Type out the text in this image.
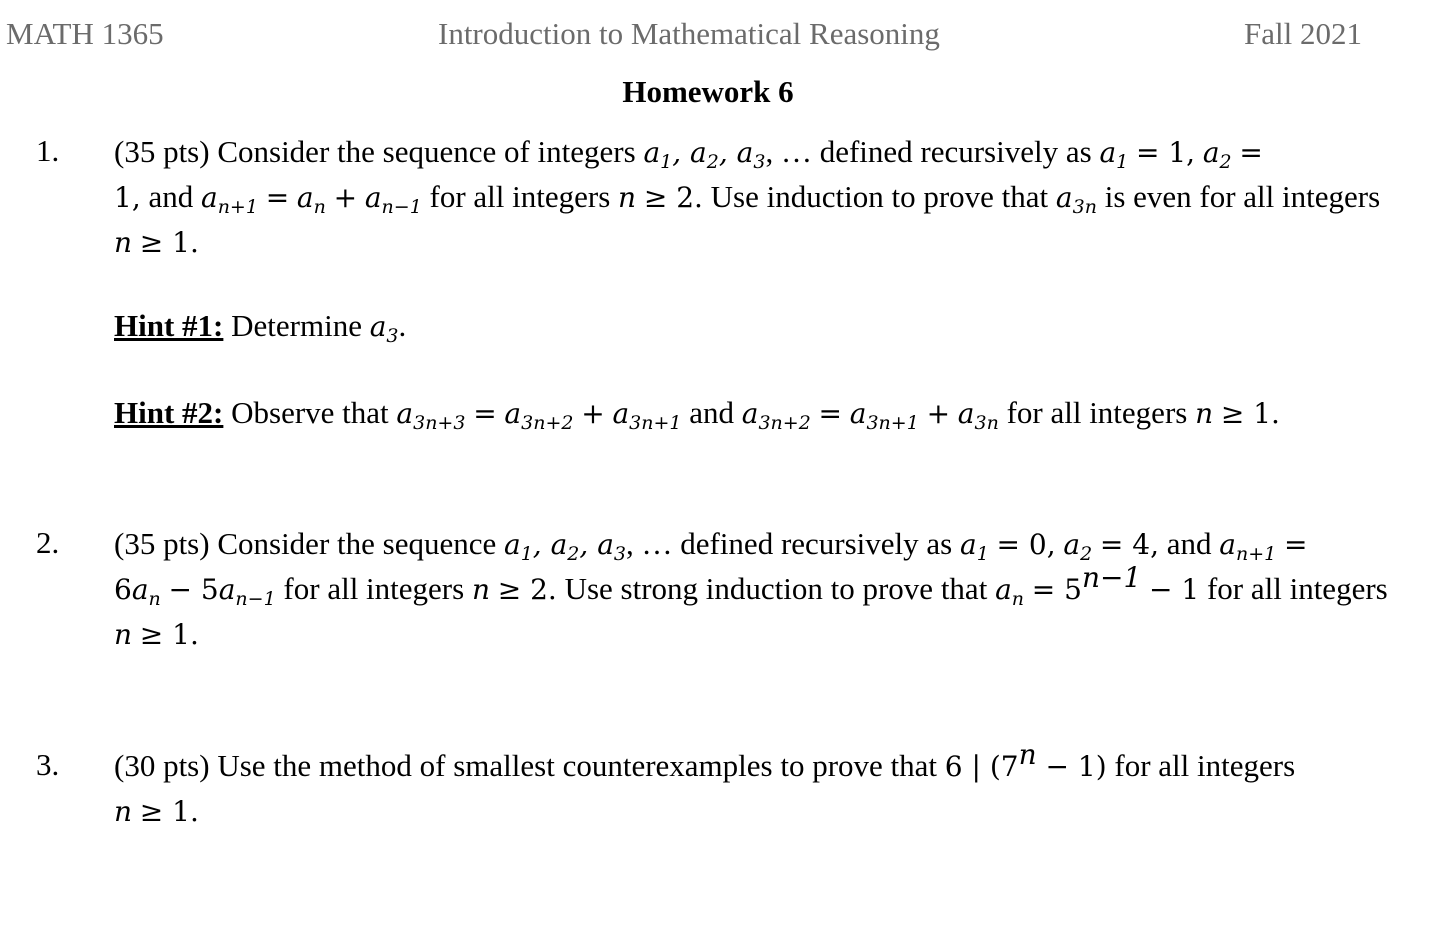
MATH 1365	Introduction to Mathematical Reasoning	Fall 2021
Homework 6
1. (35 pts) Consider the sequence of integers $a_1$, $a_2$, $a_3$, … defined recursively as $a_1 = 1$, $a_2$ =
1, and $a_{n+1} = a_n + a_{n-1}$ for all integers n ≥ 2. Use induction to prove that $a_{3n}$ is even for all integers n ≥ 1.
Hint #1: Determine $a_3$.
Hint #2: Observe that $a_{3n+3} = a_{3n+2} + a_{3n+1}$ and $a_{3n+2} = a_{3n+1} + a_{3n}$ for all integers n ≥ 1.
2. (35 pts) Consider the sequence $a_1$, $a_2$, $a_3$, … defined recursively as $a_1 = 0$, $a_2 = 4$, and $a_{n+1}$ =
$6a_n - 5a_{n-1}$ for all integers n ≥ 2. Use strong induction to prove that $a_n = 5^{n-1} - 1$ for all integers n ≥ 1.
3. (30 pts) Use the method of smallest counterexamples to prove that 6 | $(7^n - 1)$ for all integers
n ≥ 1.
